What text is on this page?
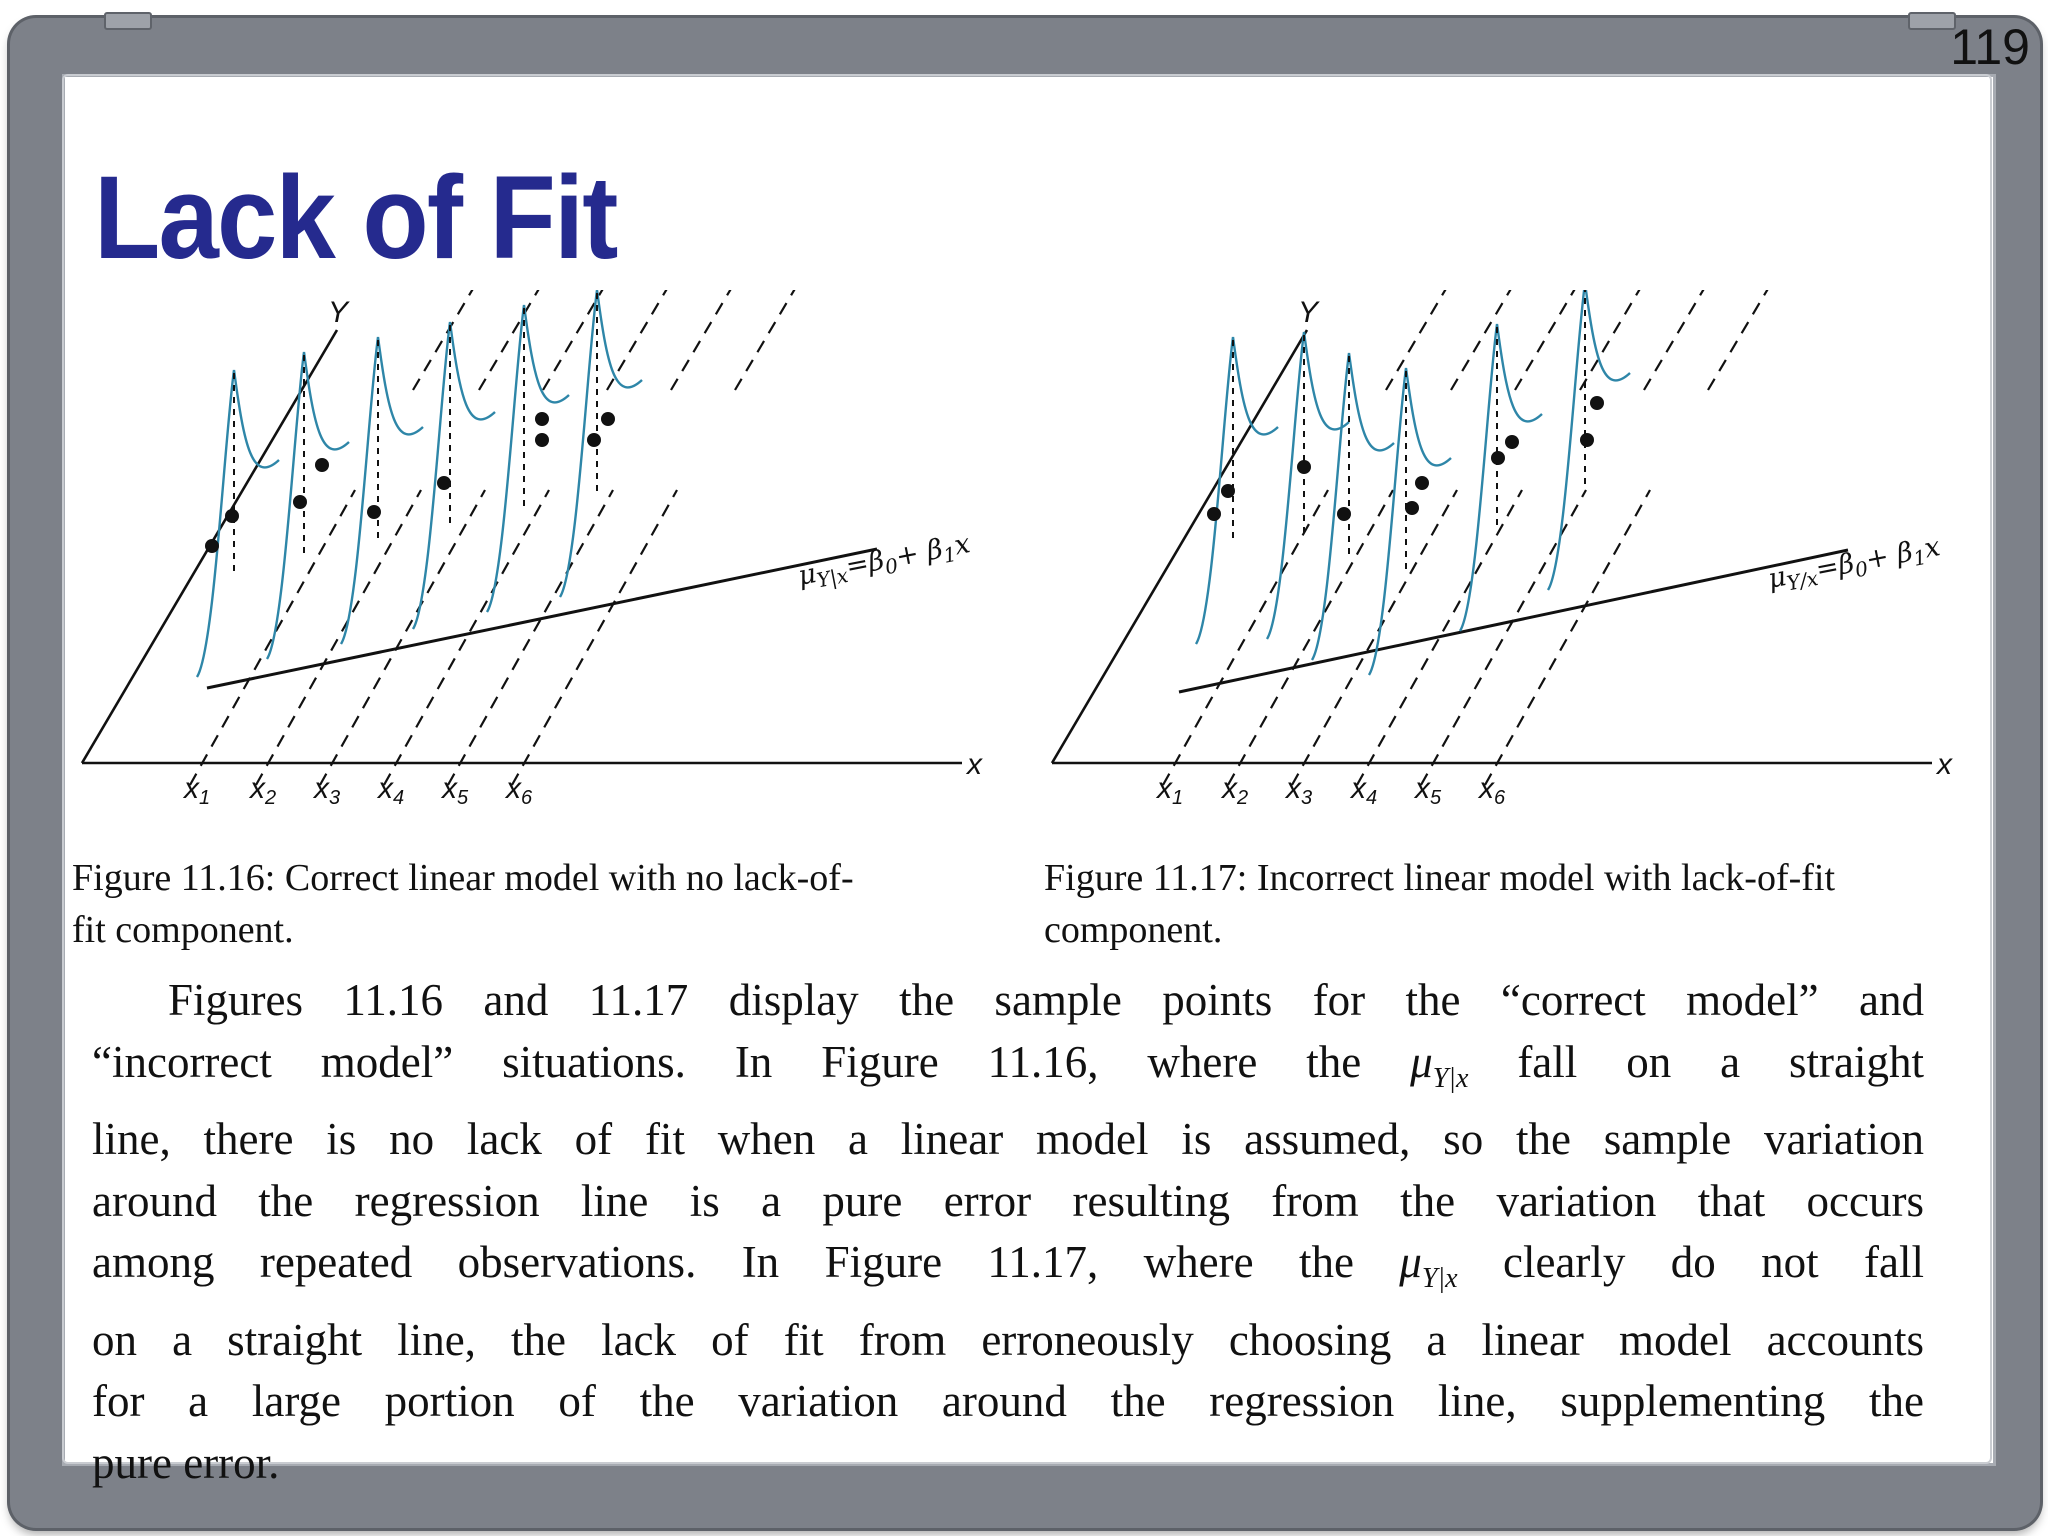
119
Lack of Fit
Y
x
$x_1$ $x_2$ $x_3$ $x_4$ $x_5$ $x_6$
$\mu_{Y|x}=\beta_0+ \beta_1x$
Y
x
$x_1$ $x_2$ $x_3$ $x_4$ $x_5$ $x_6$
$\mu_{Y/x}=\beta_0+ \beta_1x$
Figure 11.16: Correct linear model with no lack-of-
fit component.
Figure 11.17: Incorrect linear model with lack-of-fit
component.
Figures 11.16 and 11.17 display the sample points for the “correct model” and
“incorrect model” situations. In Figure 11.16, where the $\mu_{Y|x}$ fall on a straight
line, there is no lack of fit when a linear model is assumed, so the sample variation
around the regression line is a pure error resulting from the variation that occurs
among repeated observations. In Figure 11.17, where the $\mu_{Y|x}$ clearly do not fall
on a straight line, the lack of fit from erroneously choosing a linear model accounts
for a large portion of the variation around the regression line, supplementing the
pure error.
